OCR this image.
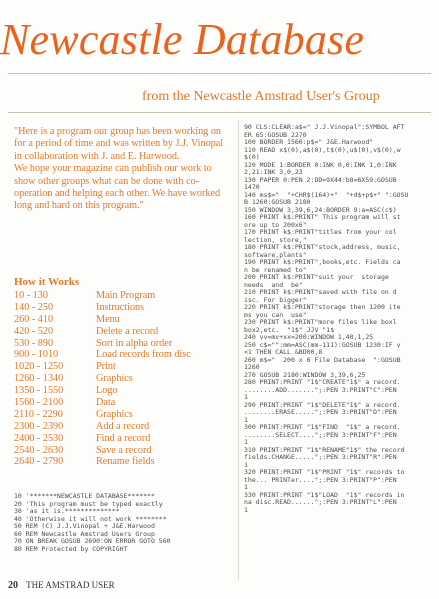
Newcastle Database
from the Newcastle Amstrad User's Group

"Here is a program our group has been working on for a period of time and was written by J.J. Vinopal in collaboration with J. and E. Harwood.

We hope your magazine can publish our work to show other groups what can be done with co-operation and helping each other. We have worked long and hard on this program."

How it Works
10 - 130	Main Program
140 - 250	Instructions
260 - 410	Menu
420 - 520	Delete a record
530 - 890	Sort in alpha order
900 - 1010	Load records from disc
1020 - 1250	Print
1260 - 1340	Graphics
1350 - 1550	Logo
1560 - 2100	Data
2110 - 2290	Graphics
2300 - 2390	Add a record
2400 - 2530	Find a record
2540 - 2630	Save a record
2640 - 2790	Rename fields
90 CLS:CLEAR:a$=" J.J.Vinopal":SYMBOL AFT
ER 65:GOSUB 2270
100 BORDER 1560:p$=" J&E.Harwood"
110 READ x$(0),a$(0),t$(0),u$(0),v$(0),w
$(0)
120 MODE 1:BORDER 0:INK 0,0:INK 1,0:INK
2,21:INK 3,0,23
130 PAPER 0:PEN 2:DD=9X44:b8=6X59:GOSUB
1470
140 ms$="  "+CHR$(164)+"  "+d$+p$+" ":GOSU
B 1260:GOSUB 2180
150 WINDOW 3,39,6,24:BORDER 9:a=ASC(c$)
160 PRINT k$:PRINT" This program will st
ore up to 200x6"
170 PRINT k$:PRINT"titles from your col
lection, store,"
180 PRINT k$:PRINT"stock,address, music,
software,plants"
190 PRINT k$:PRINT",books,etc. Fields ca
n be renamed to"
200 PRINT k$:PRINT"suit your  storage
needs  and  be"
210 PRINT k$:PRINT"saved with file on d
isc. For bigger"
220 PRINT k$:PRINT"storage then 1200 ite
ms you can  use"
230 PRINT k$:PRINT"more files like boxl
box2,etc.  "1$" JJV "1$
240 vv=mv+xx=200:WINDOW 1,40,1,25
250 c$="":mm=ASC(mm-111):GOSUB 1230:IF v
<1 THEN CALL &BD00,8
260 m$="  200 x 6 File Database  ":GOSUB
1260
270 GOSUB 2180:WINDOW 3,39,6,25
280 PRINT:PRINT "1$"CREATE"1$" a record.
........ADD.......";:PEN 3:PRINT"C":PEN
1
290 PRINT:PRINT "1$"DELETE"1$" a record.
........ERASE.....";:PEN 3:PRINT"D":PEN
1
300 PRINT:PRINT "1$"FIND  "1$" a record.
........SELECT....";:PEN 3:PRINT"F":PEN
1
310 PRINT:PRINT "1$"RENAME"1$" the record
fields.CHANGE.....";:PEN 3:PRINT"R":PEN
1
320 PRINT:PRINT "1$"PRINT "1$" records to
the... PRINTer....";:PEN 3:PRINT"P":PEN
1
330 PRINT:PRINT "1$"LOAD  "1$" records in
na disc.READ......";:PEN 3:PRINT"L":PEN
1
10 '*******NEWCASTLE DATABASE*******
20 'This program must be typed exactly
30 'as it is.**************
40 'Otherwise it will not work ********
50 REM (C) J.J.Vinopal + J&E.Harwood
60 REM Newcastle Amstrad Users Group
70 ON BREAK GOSUB 2690:ON ERROR GOTO 560
80 REM Protected by COPYRIGHT
20 THE AMSTRAD USER
